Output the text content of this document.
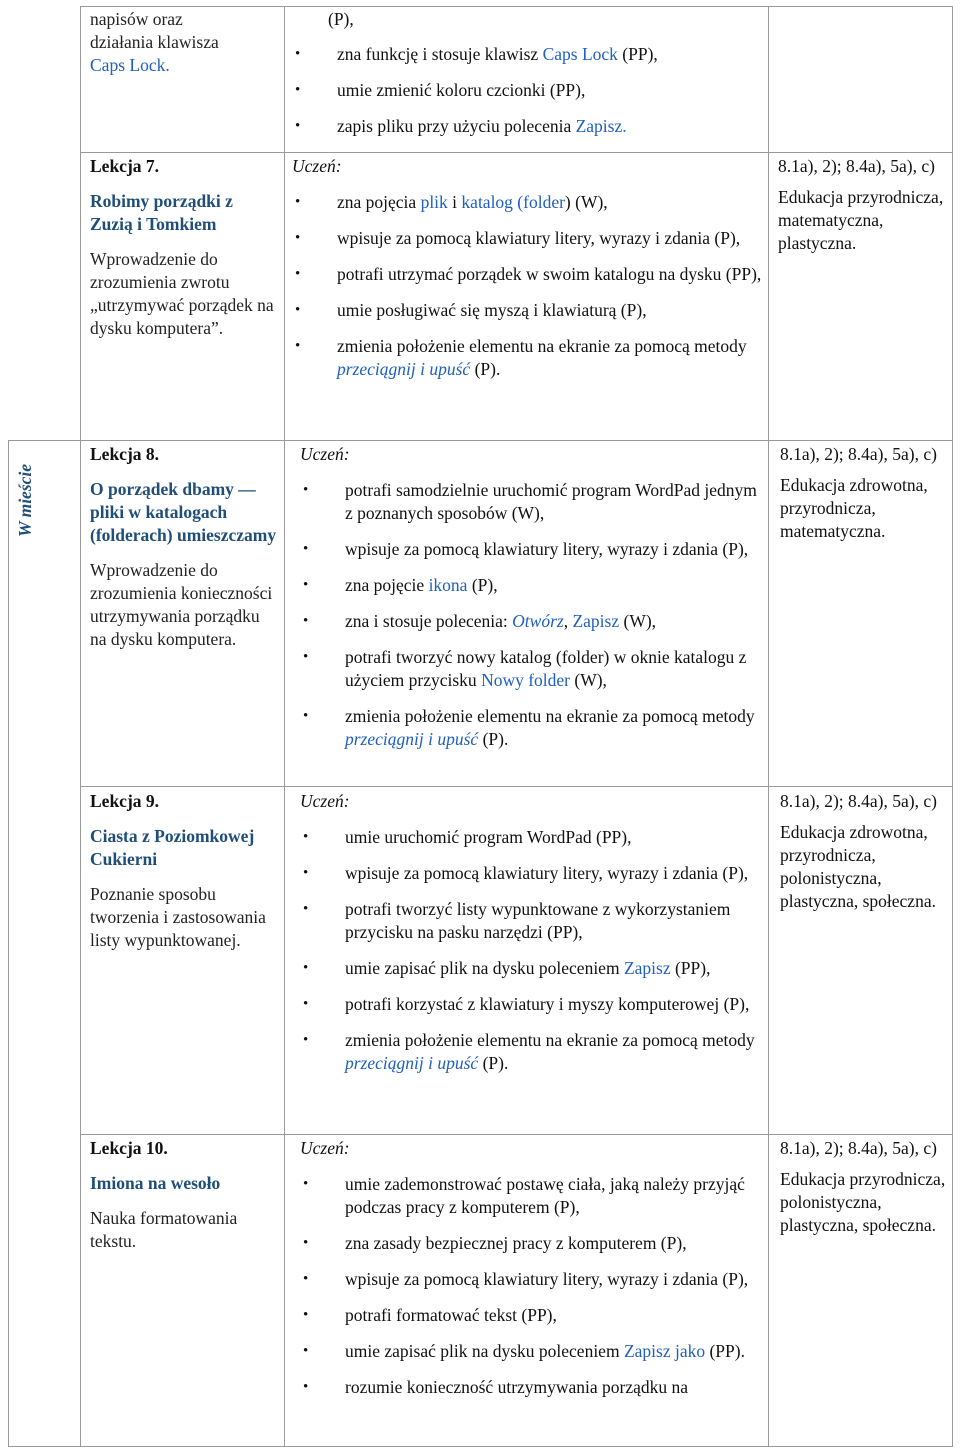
W mieście
napisów oraz
działania klawisza
Caps Lock.
(P),
• zna funkcję i stosuje klawisz Caps Lock (PP),
• umie zmienić koloru czcionki (PP),
• zapis pliku przy użyciu polecenia Zapisz.
Lekcja 7.
Robimy porządki z Zuzią i Tomkiem
Wprowadzenie do zrozumienia zwrotu „utrzymywać porządek na dysku komputera”.
Uczeń:
• zna pojęcia plik i katalog (folder) (W),
• wpisuje za pomocą klawiatury litery, wyrazy i zdania (P),
• potrafi utrzymać porządek w swoim katalogu na dysku (PP),
• umie posługiwać się myszą i klawiaturą (P),
• zmienia położenie elementu na ekranie za pomocą metody przeciągnij i upuść (P).
8.1a), 2); 8.4a), 5a), c)
Edukacja przyrodnicza, matematyczna, plastyczna.
Lekcja 8.
O porządek dbamy — pliki w katalogach (folderach) umieszczamy
Wprowadzenie do zrozumienia konieczności utrzymywania porządku na dysku komputera.
Uczeń:
• potrafi samodzielnie uruchomić program WordPad jednym z poznanych sposobów (W),
• wpisuje za pomocą klawiatury litery, wyrazy i zdania (P),
• zna pojęcie ikona (P),
• zna i stosuje polecenia: Otwórz, Zapisz (W),
• potrafi tworzyć nowy katalog (folder) w oknie katalogu z użyciem przycisku Nowy folder (W),
• zmienia położenie elementu na ekranie za pomocą metody przeciągnij i upuść (P).
8.1a), 2); 8.4a), 5a), c)
Edukacja zdrowotna, przyrodnicza, matematyczna.
Lekcja 9.
Ciasta z Poziomkowej Cukierni
Poznanie sposobu tworzenia i zastosowania listy wypunktowanej.
Uczeń:
• umie uruchomić program WordPad (PP),
• wpisuje za pomocą klawiatury litery, wyrazy i zdania (P),
• potrafi tworzyć listy wypunktowane z wykorzystaniem przycisku na pasku narzędzi (PP),
• umie zapisać plik na dysku poleceniem Zapisz (PP),
• potrafi korzystać z klawiatury i myszy komputerowej (P),
• zmienia położenie elementu na ekranie za pomocą metody przeciągnij i upuść (P).
8.1a), 2); 8.4a), 5a), c)
Edukacja zdrowotna, przyrodnicza, polonistyczna, plastyczna, społeczna.
Lekcja 10.
Imiona na wesoło
Nauka formatowania tekstu.
Uczeń:
• umie zademonstrować postawę ciała, jaką należy przyjąć podczas pracy z komputerem (P),
• zna zasady bezpiecznej pracy z komputerem (P),
• wpisuje za pomocą klawiatury litery, wyrazy i zdania (P),
• potrafi formatować tekst (PP),
• umie zapisać plik na dysku poleceniem Zapisz jako (PP).
• rozumie konieczność utrzymywania porządku na
8.1a), 2); 8.4a), 5a), c)
Edukacja przyrodnicza, polonistyczna, plastyczna, społeczna.
